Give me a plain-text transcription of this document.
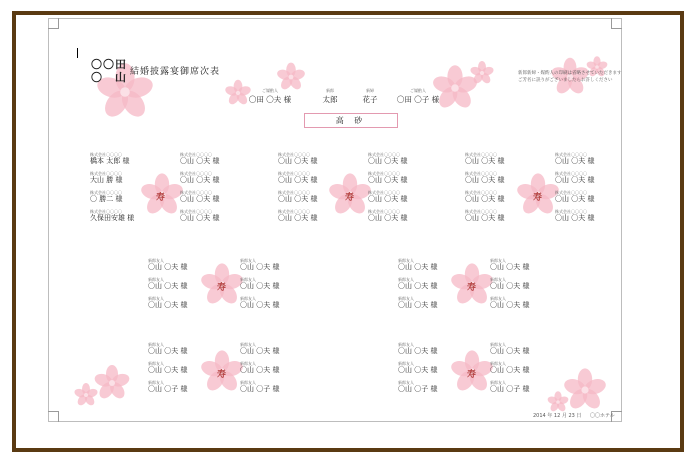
〇〇田
〇　山 結婚披露宴御席次表	新郎新婦・媒酌人の印刷は省略させていただきます
ご芳名に誤りがございましたらお許しください
ご媒酌人
〇田 〇夫 様
新郎
太郎
新婦
花子
ご媒酌人
〇田 〇子 様
高 砂
寿	寿	寿
寿	寿
寿	寿
株式会社〇〇〇〇
橋本 太郎 様
株式会社〇〇〇〇
大山 勝 様
株式会社〇〇〇〇
〇 勝二 様
株式会社〇〇〇〇
久保田安雄 様
株式会社〇〇〇〇
〇山 〇夫 様
株式会社〇〇〇〇
〇山 〇夫 様
株式会社〇〇〇〇
〇山 〇夫 様
株式会社〇〇〇〇
〇山 〇夫 様
株式会社〇〇〇〇
〇山 〇夫 様
株式会社〇〇〇〇
〇山 〇夫 様
株式会社〇〇〇〇
〇山 〇夫 様
株式会社〇〇〇〇
〇山 〇夫 様
株式会社〇〇〇〇
〇山 〇夫 様
株式会社〇〇〇〇
〇山 〇夫 様
株式会社〇〇〇〇
〇山 〇夫 様
株式会社〇〇〇〇
〇山 〇夫 様
株式会社〇〇〇〇
〇山 〇夫 様
株式会社〇〇〇〇
〇山 〇夫 様
株式会社〇〇〇〇
〇山 〇夫 様
株式会社〇〇〇〇
〇山 〇夫 様
株式会社〇〇〇〇
〇山 〇夫 様
株式会社〇〇〇〇
〇山 〇夫 様
株式会社〇〇〇〇
〇山 〇夫 様
株式会社〇〇〇〇
〇山 〇夫 様
新郎友人
〇山 〇夫 様
新郎友人
〇山 〇夫 様
新郎友人
〇山 〇夫 様
新郎友人
〇山 〇夫 様
新郎友人
〇山 〇夫 様
新郎友人
〇山 〇夫 様
新郎友人
〇山 〇夫 様
新郎友人
〇山 〇夫 様
新郎友人
〇山 〇夫 様
新郎友人
〇山 〇夫 様
新郎友人
〇山 〇夫 様
新郎友人
〇山 〇夫 様
新郎友人
〇山 〇夫 様
新郎友人
〇山 〇夫 様
新郎友人
〇山 〇子 様
新郎友人
〇山 〇夫 様
新郎友人
〇山 〇夫 様
新郎友人
〇山 〇子 様
新郎友人
〇山 〇夫 様
新郎友人
〇山 〇夫 様
新郎友人
〇山 〇子 様
新郎友人
〇山 〇夫 様
新郎友人
〇山 〇夫 様
新郎友人
〇山 〇子 様
2014 年 12 月 23 日 〇〇ホテル
